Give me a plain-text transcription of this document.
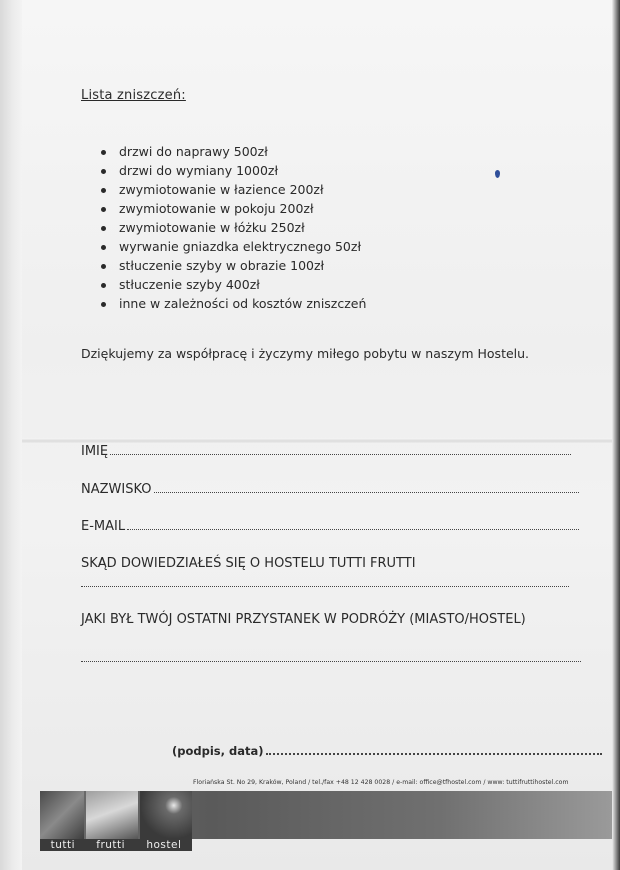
Lista zniszczeń:
drzwi do naprawy 500zł
drzwi do wymiany 1000zł
zwymiotowanie w łazience 200zł
zwymiotowanie w pokoju 200zł
zwymiotowanie w łóżku 250zł
wyrwanie gniazdka elektrycznego 50zł
stłuczenie szyby w obrazie 100zł
stłuczenie szyby 400zł
inne w zależności od kosztów zniszczeń
Dziękujemy za współpracę i życzymy miłego pobytu w naszym Hostelu.
IMIĘ
NAZWISKO
E-MAIL
SKĄD DOWIEDZIAŁEŚ SIĘ O HOSTELU TUTTI FRUTTI
JAKI BYŁ TWÓJ OSTATNI PRZYSTANEK W PODRÓŻY (MIASTO/HOSTEL)
(podpis, data)
Floriańska St. No 29, Kraków, Poland / tel./fax +48 12 428 0028 / e-mail: office@tfhostel.com / www: tuttifruttihostel.com
tutti frutti hostel
